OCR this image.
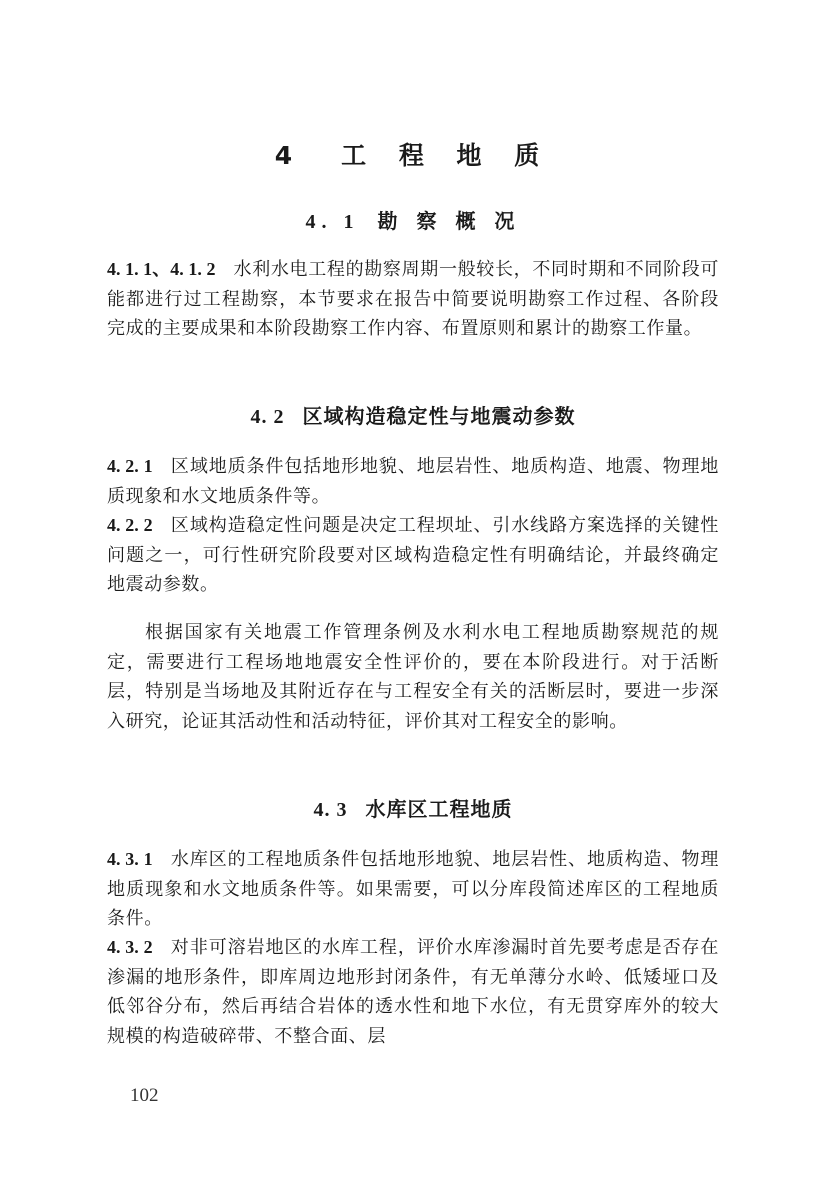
4　工 程 地 质
4. 1 勘 察 概 况

4. 1. 1、4. 1. 2 水利水电工程的勘察周期一般较长，不同时期和不同阶段可能都进行过工程勘察，本节要求在报告中简要说明勘察工作过程、各阶段完成的主要成果和本阶段勘察工作内容、布置原则和累计的勘察工作量。

4. 2 区域构造稳定性与地震动参数

4. 2. 1 区域地质条件包括地形地貌、地层岩性、地质构造、地震、物理地质现象和水文地质条件等。

4. 2. 2 区域构造稳定性问题是决定工程坝址、引水线路方案选择的关键性问题之一，可行性研究阶段要对区域构造稳定性有明确结论，并最终确定地震动参数。

根据国家有关地震工作管理条例及水利水电工程地质勘察规范的规定，需要进行工程场地地震安全性评价的，要在本阶段进行。对于活断层，特别是当场地及其附近存在与工程安全有关的活断层时，要进一步深入研究，论证其活动性和活动特征，评价其对工程安全的影响。

4. 3 水库区工程地质

4. 3. 1 水库区的工程地质条件包括地形地貌、地层岩性、地质构造、物理地质现象和水文地质条件等。如果需要，可以分库段简述库区的工程地质条件。

4. 3. 2 对非可溶岩地区的水库工程，评价水库渗漏时首先要考虑是否存在渗漏的地形条件，即库周边地形封闭条件，有无单薄分水岭、低矮垭口及低邻谷分布，然后再结合岩体的透水性和地下水位，有无贯穿库外的较大规模的构造破碎带、不整合面、层

102
